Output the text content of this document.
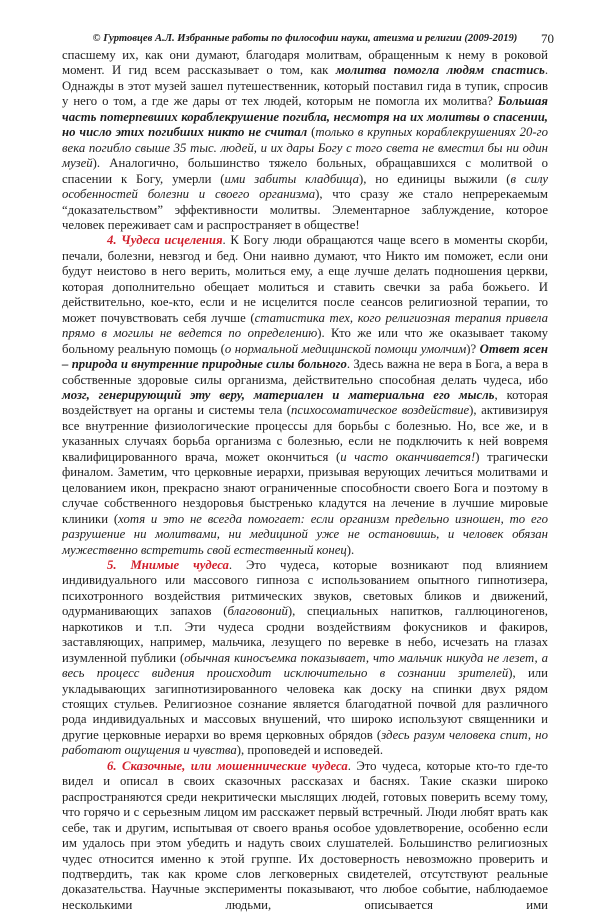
© Гуртовцев А.Л. Избранные работы по философии науки, атеизма и религии (2009-2019)	70

спасшему их, как они думают, благодаря молитвам, обращенным к нему в роковой момент. И гид всем рассказывает о том, как молитва помогла людям спастись. Однажды в этот музей зашел путешественник, который поставил гида в тупик, спросив у него о том, а где же дары от тех людей, которым не помогла их молитва? Большая часть потерпевших кораблекрушение погибла, несмотря на их молитвы о спасении, но число этих погибших никто не считал (только в крупных кораблекрушениях 20-го века погибло свыше 35 тыс. людей, и их дары Богу с того света не вместил бы ни один музей). Аналогично, большинство тяжело больных, обращавшихся с молитвой о спасении к Богу, умерли (ими забиты кладбища), но единицы выжили (в силу особенностей болезни и своего организма), что сразу же стало непререкаемым “доказательством” эффективности молитвы. Элементарное заблуждение, которое человек переживает сам и распространяет в обществе!

4. Чудеса исцеления. К Богу люди обращаются чаще всего в моменты скорби, печали, болезни, невзгод и бед. Они наивно думают, что Никто им поможет, если они будут неистово в него верить, молиться ему, а еще лучше делать подношения церкви, которая дополнительно обещает молиться и ставить свечки за раба божьего. И действительно, кое-кто, если и не исцелится после сеансов религиозной терапии, то может почувствовать себя лучше (статистика тех, кого религиозная терапия привела прямо в могилы не ведется по определению). Кто же или что же оказывает такому больному реальную помощь (о нормальной медицинской помощи умолчим)? Ответ ясен – природа и внутренние природные силы больного. Здесь важна не вера в Бога, а вера в собственные здоровые силы организма, действительно способная делать чудеса, ибо мозг, генерирующий эту веру, материален и материальна его мысль, которая воздействует на органы и системы тела (психосоматическое воздействие), активизируя все внутренние физиологические процессы для борьбы с болезнью. Но, все же, и в указанных случаях борьба организма с болезнью, если не подключить к ней вовремя квалифицированного врача, может окончиться (и часто оканчивается!) трагически финалом. Заметим, что церковные иерархи, призывая верующих лечиться молитвами и целованием икон, прекрасно знают ограниченные способности своего Бога и поэтому в случае собственного нездоровья быстренько кладутся на лечение в лучшие мировые клиники (хотя и это не всегда помогает: если организм предельно изношен, то его разрушение ни молитвами, ни медициной уже не остановишь, и человек обязан мужественно встретить свой естественный конец).

5. Мнимые чудеса. Это чудеса, которые возникают под влиянием индивидуального или массового гипноза с использованием опытного гипнотизера, психотронного воздействия ритмических звуков, световых бликов и движений, одурманивающих запахов (благовоний), специальных напитков, галлюциногенов, наркотиков и т.п. Эти чудеса сродни воздействиям фокусников и факиров, заставляющих, например, мальчика, лезущего по веревке в небо, исчезать на глазах изумленной публики (обычная киносъемка показывает, что мальчик никуда не лезет, а весь процесс видения происходит исключительно в сознании зрителей), или укладывающих загипнотизированного человека как доску на спинки двух рядом стоящих стульев. Религиозное сознание является благодатной почвой для различного рода индивидуальных и массовых внушений, что широко используют священники и другие церковные иерархи во время церковных обрядов (здесь разум человека спит, но работают ощущения и чувства), проповедей и исповедей.

6. Сказочные, или мошеннические чудеса. Это чудеса, которые кто-то где-то видел и описал в своих сказочных рассказах и баснях. Такие сказки широко распространяются среди некритически мыслящих людей, готовых поверить всему тому, что горячо и с серьезным лицом им расскажет первый встречный. Люди любят врать как себе, так и другим, испытывая от своего вранья особое удовлетворение, особенно если им удалось при этом убедить и надуть своих слушателей. Большинство религиозных чудес относится именно к этой группе. Их достоверность невозможно проверить и подтвердить, так как кроме слов легковерных свидетелей, отсутствуют реальные доказательства. Научные эксперименты показывают, что любое событие, наблюдаемое несколькими людьми, описывается ими
